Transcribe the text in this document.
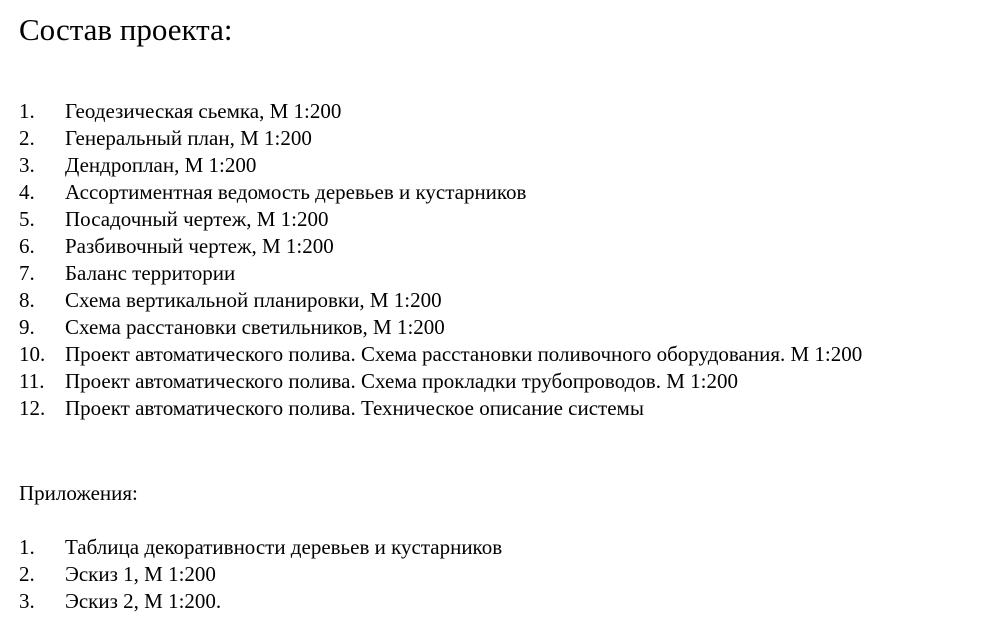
Состав проекта:
1.	Геодезическая сьемка, М 1:200
2.	Генеральный план, М 1:200
3.	Дендроплан, М 1:200
4.	Ассортиментная ведомость деревьев и кустарников
5.	Посадочный чертеж, М 1:200
6.	Разбивочный чертеж, М 1:200
7.	Баланс территории
8.	Схема вертикальной планировки, М 1:200
9.	Схема расстановки светильников, М 1:200
10. Проект автоматического полива. Схема расстановки поливочного оборудования. М 1:200
11. Проект автоматического полива. Схема прокладки трубопроводов. М 1:200
12. Проект автоматического полива. Техническое описание системы
Приложения:
1.	Таблица декоративности деревьев и кустарников
2.	Эскиз 1, М 1:200
3.	Эскиз 2, М 1:200.
